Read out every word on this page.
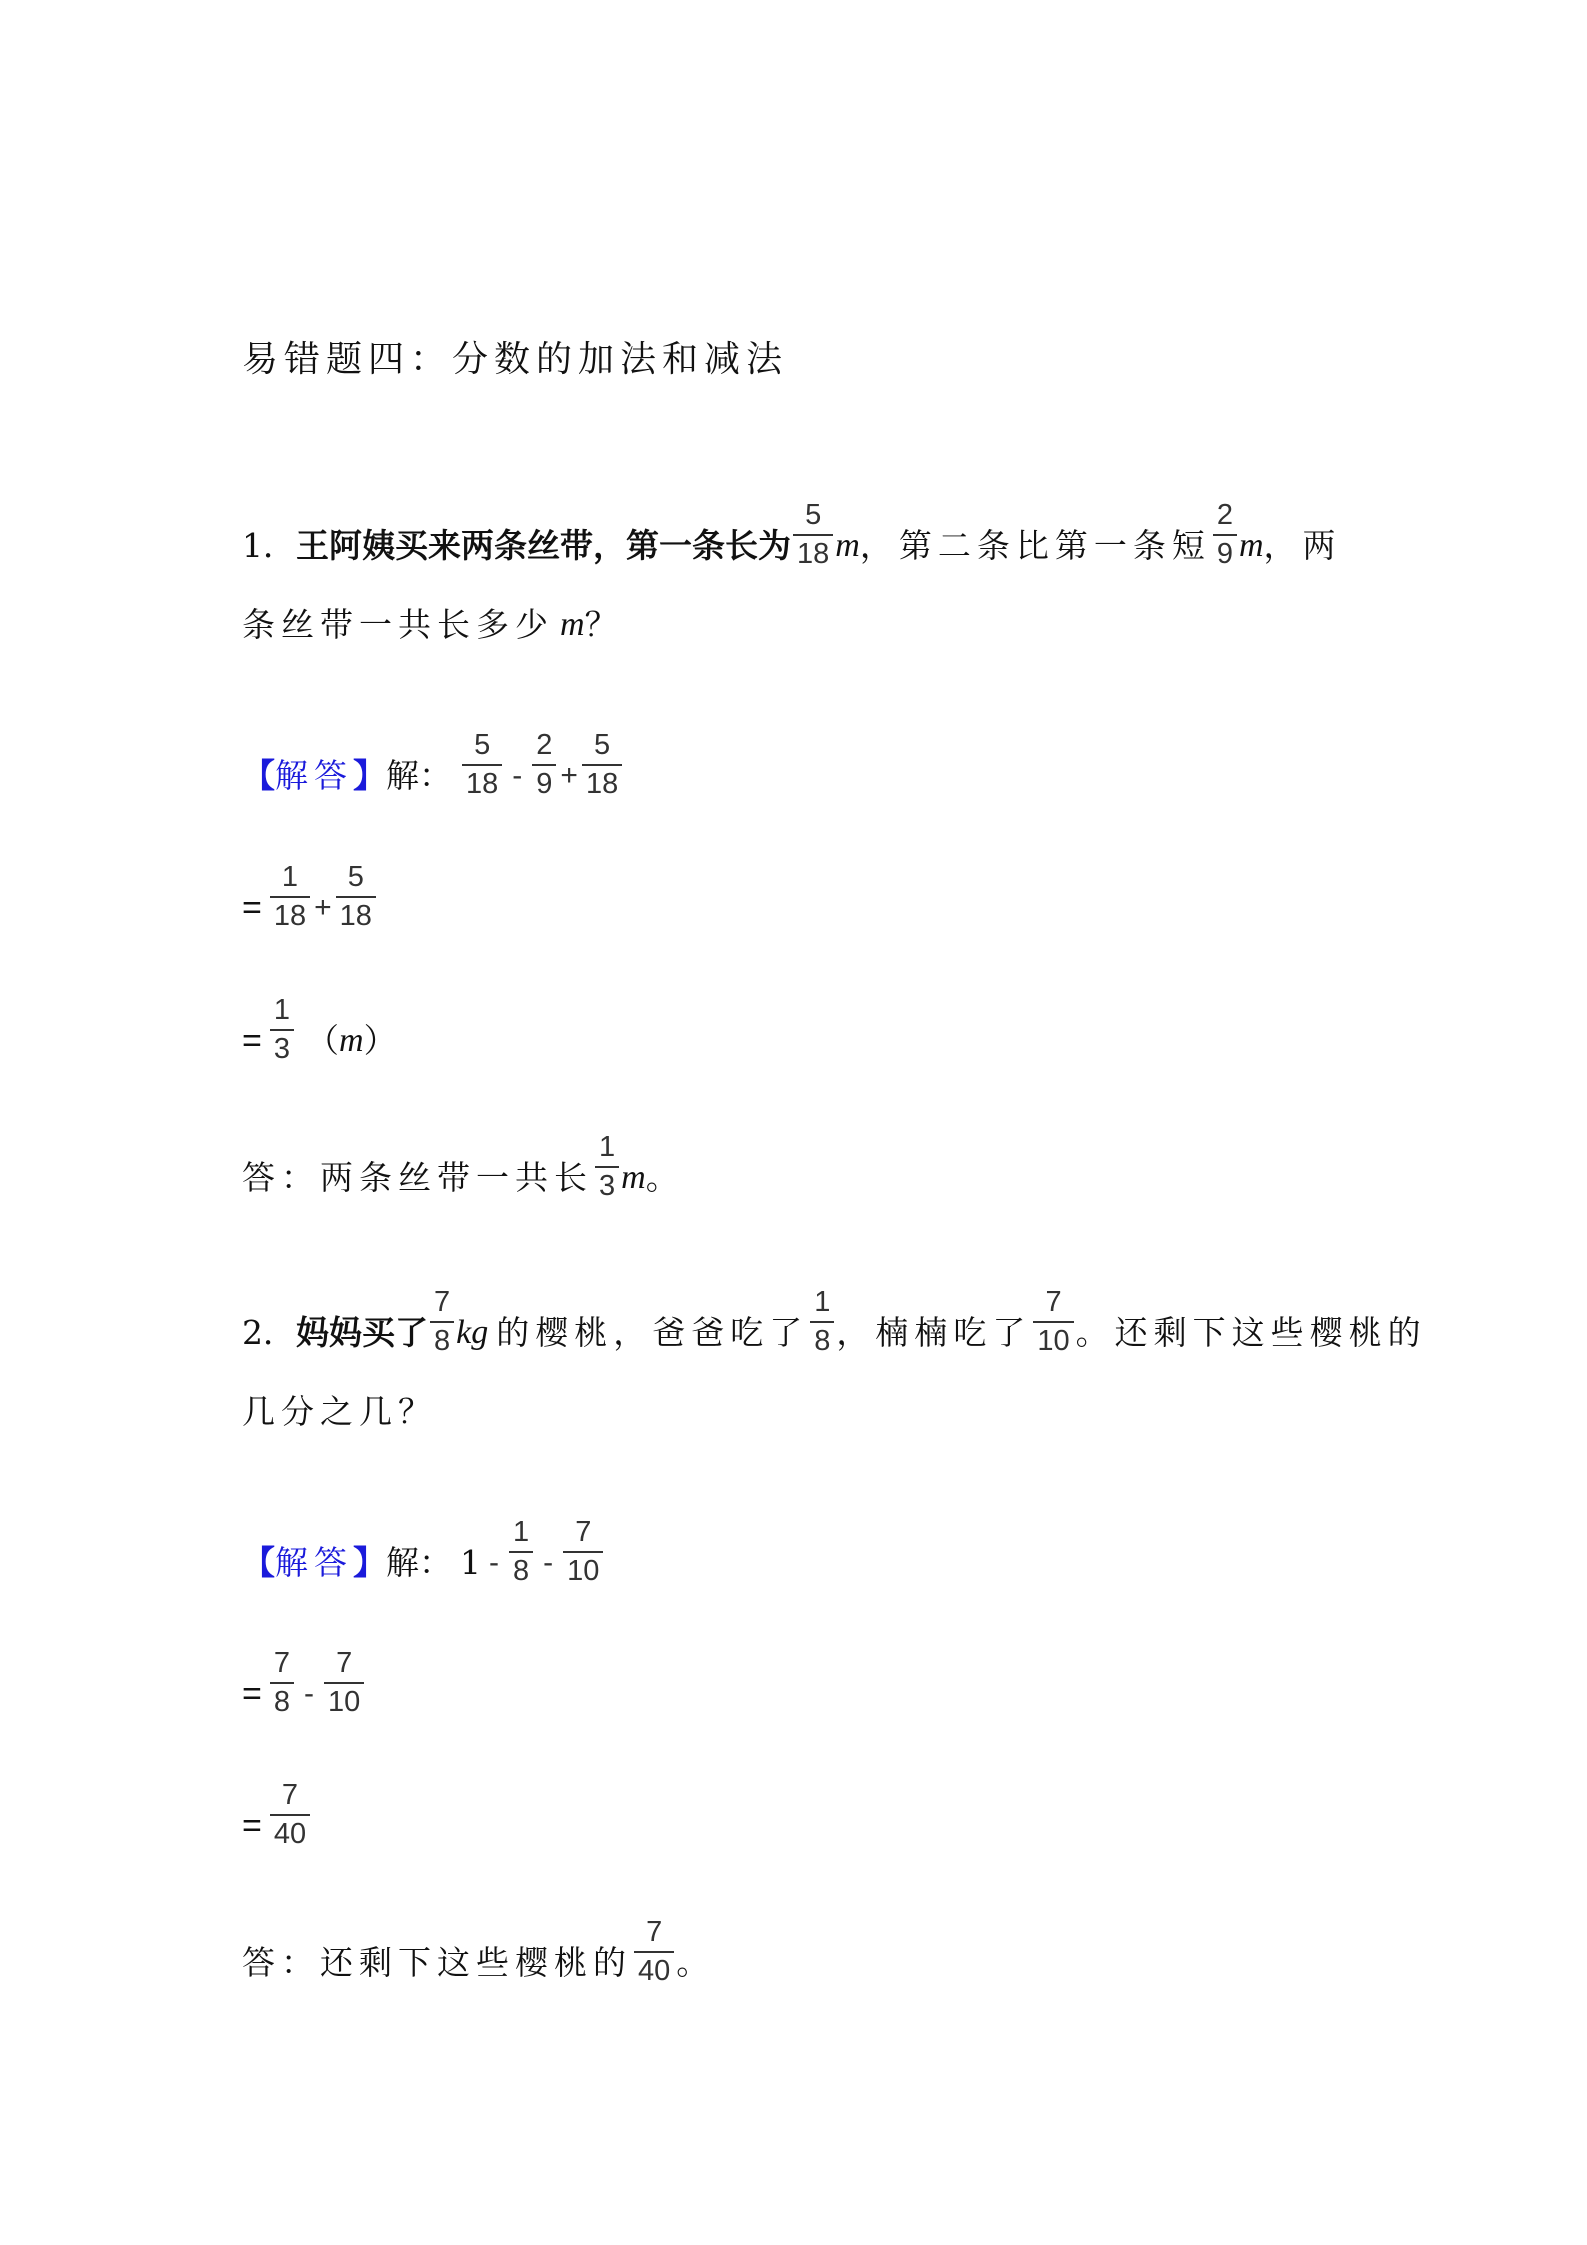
易错题四：分数的加法和减法
1． 王阿姨买来两条丝带，第一条长为 $\frac{5}{18}$ m ，第二条比第一条短 $\frac{2}{9}$ m ，两
条丝带一共长多少 m ？
【 解答 】 解： $\frac{5}{18} - \frac{2}{9} + \frac{5}{18}$
= $\frac{1}{18} + \frac{5}{18}$
= $\frac{1}{3}$ （ m ）
答：两条丝带一共长 $\frac{1}{3}$ m 。
2． 妈妈买了 $\frac{7}{8}$ kg 的樱桃，爸爸吃了 $\frac{1}{8}$ ，楠楠吃了 $\frac{7}{10}$ 。还剩下这些樱桃的
几分之几？
【 解答 】 解： $1 - \frac{1}{8} - \frac{7}{10}$
= $\frac{7}{8} - \frac{7}{10}$
= $\frac{7}{40}$
答：还剩下这些樱桃的 $\frac{7}{40}$ 。
